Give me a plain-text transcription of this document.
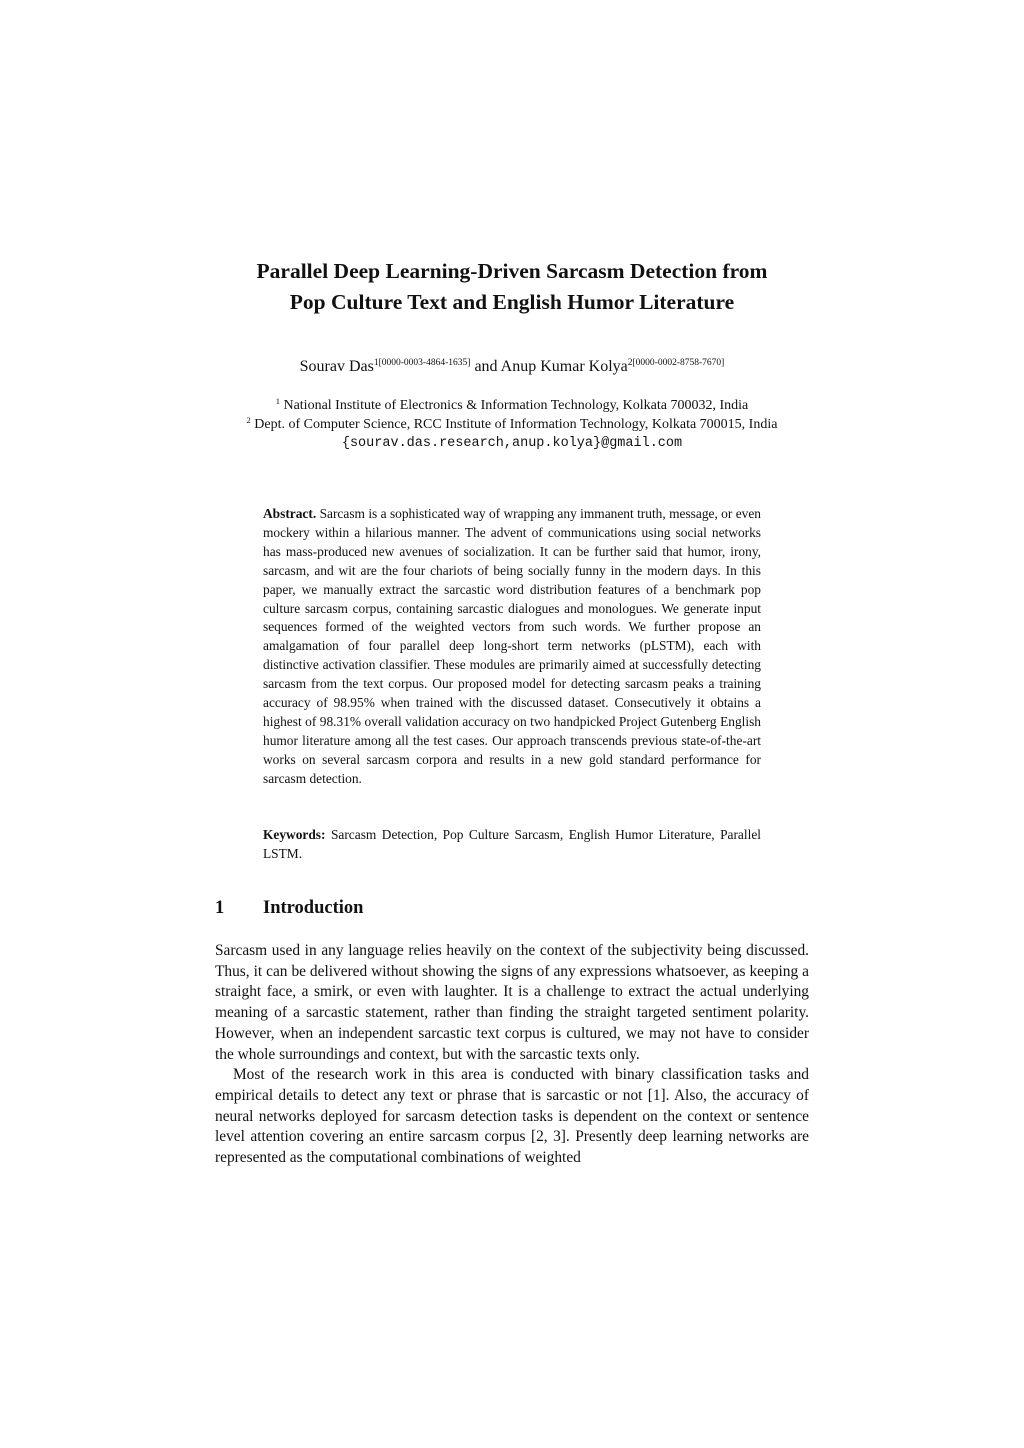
Parallel Deep Learning-Driven Sarcasm Detection from
Pop Culture Text and English Humor Literature
Sourav Das$^{1[0000-0003-4864-1635]}$ and Anup Kumar Kolya$^{2[0000-0002-8758-7670]}$
$^1$ National Institute of Electronics & Information Technology, Kolkata 700032, India
$^2$ Dept. of Computer Science, RCC Institute of Information Technology, Kolkata 700015, India
{sourav.das.research,anup.kolya}@gmail.com
Abstract. Sarcasm is a sophisticated way of wrapping any immanent truth, message, or even mockery within a hilarious manner. The advent of communications using social networks has mass-produced new avenues of socialization. It can be further said that humor, irony, sarcasm, and wit are the four chariots of being socially funny in the modern days. In this paper, we manually extract the sarcastic word distribution features of a benchmark pop culture sarcasm corpus, containing sarcastic dialogues and monologues. We generate input sequences formed of the weighted vectors from such words. We further propose an amalgamation of four parallel deep long-short term networks (pLSTM), each with distinctive activation classifier. These modules are primarily aimed at successfully detecting sarcasm from the text corpus. Our proposed model for detecting sarcasm peaks a training accuracy of 98.95% when trained with the discussed dataset. Consecutively it obtains a highest of 98.31% overall validation accuracy on two handpicked Project Gutenberg English humor literature among all the test cases. Our approach transcends previous state-of-the-art works on several sarcasm corpora and results in a new gold standard performance for sarcasm detection.
Keywords: Sarcasm Detection, Pop Culture Sarcasm, English Humor Literature, Parallel LSTM.
1 Introduction

Sarcasm used in any language relies heavily on the context of the subjectivity being discussed. Thus, it can be delivered without showing the signs of any expressions whatsoever, as keeping a straight face, a smirk, or even with laughter. It is a challenge to extract the actual underlying meaning of a sarcastic statement, rather than finding the straight targeted sentiment polarity. However, when an independent sarcastic text corpus is cultured, we may not have to consider the whole surroundings and context, but with the sarcastic texts only.

Most of the research work in this area is conducted with binary classification tasks and empirical details to detect any text or phrase that is sarcastic or not [1]. Also, the accuracy of neural networks deployed for sarcasm detection tasks is dependent on the context or sentence level attention covering an entire sarcasm corpus [2, 3]. Presently deep learning networks are represented as the computational combinations of weighted
